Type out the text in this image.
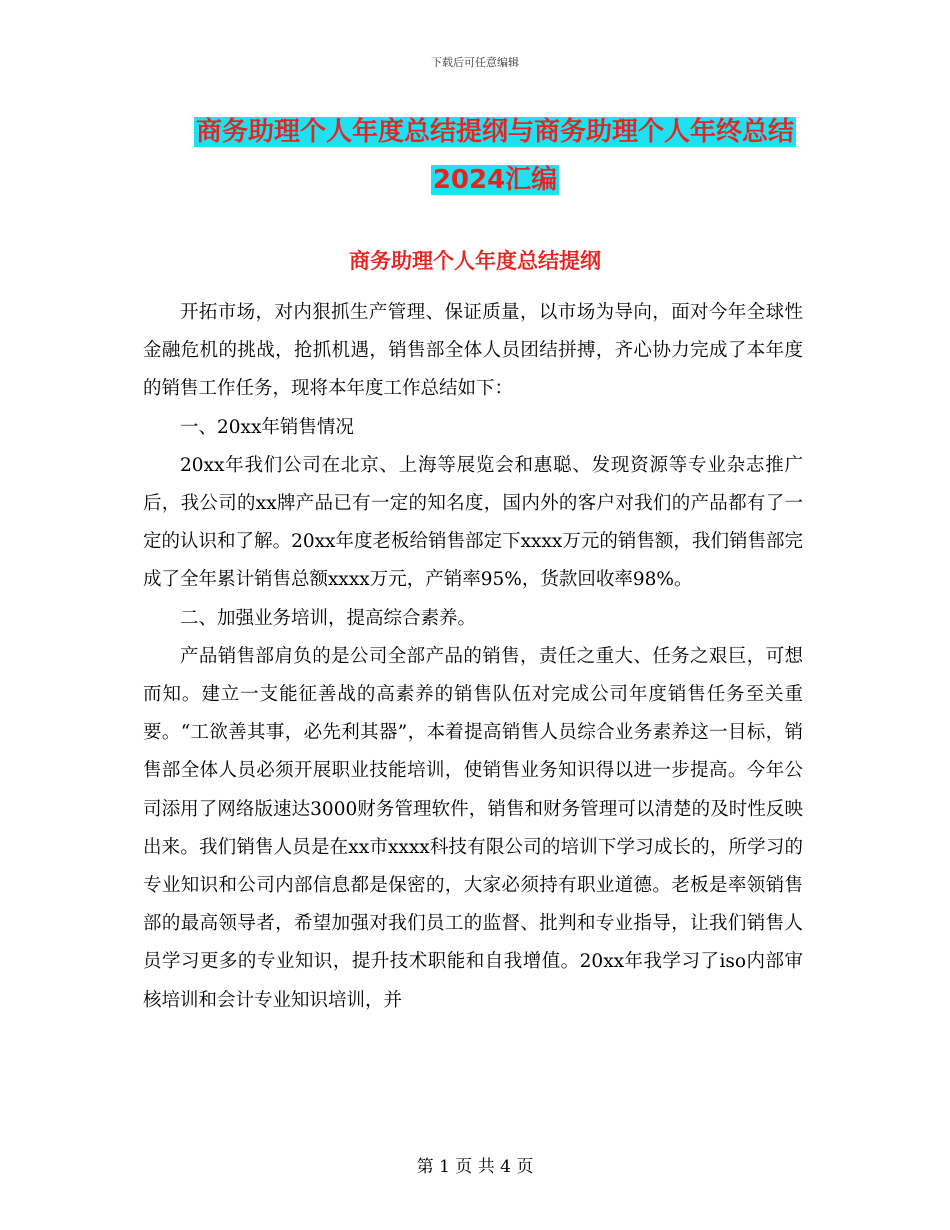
下载后可任意编辑
商务助理个人年度总结提纲与商务助理个人年终总结
2024汇编
商务助理个人年度总结提纲

开拓市场，对内狠抓生产管理、保证质量，以市场为导向，面对今年全球性金融危机的挑战，抢抓机遇，销售部全体人员团结拼搏，齐心协力完成了本年度的销售工作任务，现将本年度工作总结如下：

一、20xx年销售情况

20xx年我们公司在北京、上海等展览会和惠聪、发现资源等专业杂志推广后，我公司的xx牌产品已有一定的知名度，国内外的客户对我们的产品都有了一定的认识和了解。20xx年度老板给销售部定下xxxx万元的销售额，我们销售部完成了全年累计销售总额xxxx万元，产销率95%，货款回收率98%。

二、加强业务培训，提高综合素养。

产品销售部肩负的是公司全部产品的销售，责任之重大、任务之艰巨，可想而知。建立一支能征善战的高素养的销售队伍对完成公司年度销售任务至关重要。“工欲善其事，必先利其器”，本着提高销售人员综合业务素养这一目标，销售部全体人员必须开展职业技能培训，使销售业务知识得以进一步提高。今年公司添用了网络版速达3000财务管理软件，销售和财务管理可以清楚的及时性反映出来。我们销售人员是在xx市xxxx科技有限公司的培训下学习成长的，所学习的专业知识和公司内部信息都是保密的，大家必须持有职业道德。老板是率领销售部的最高领导者，希望加强对我们员工的监督、批判和专业指导，让我们销售人员学习更多的专业知识，提升技术职能和自我增值。20xx年我学习了iso内部审核培训和会计专业知识培训，并

第 1 页 共 4 页
